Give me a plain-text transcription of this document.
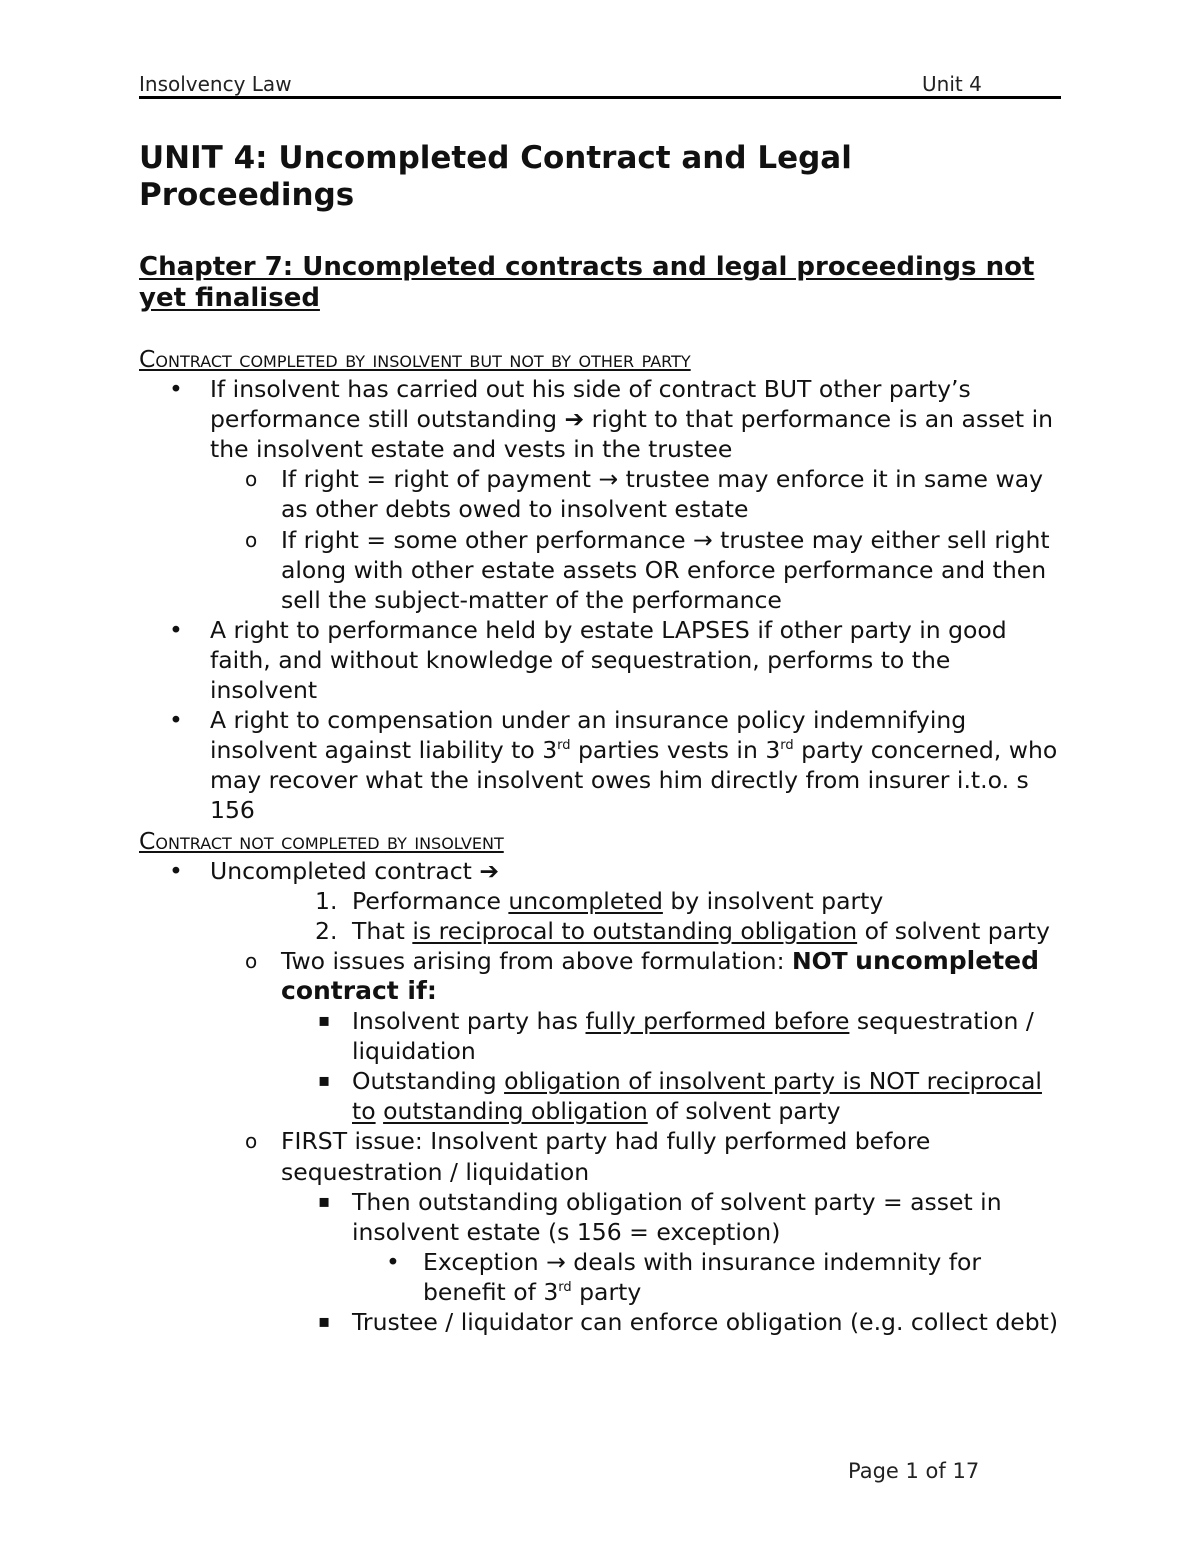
Insolvency Law	Unit 4
UNIT 4: Uncompleted Contract and Legal Proceedings
Chapter 7: Uncompleted contracts and legal proceedings not yet finalised
Contract completed by insolvent but not by other party
• If insolvent has carried out his side of contract BUT other party’s performance still outstanding ➔ right to that performance is an asset in the insolvent estate and vests in the trustee
o If right = right of payment → trustee may enforce it in same way as other debts owed to insolvent estate
o If right = some other performance → trustee may either sell right along with other estate assets OR enforce performance and then sell the subject-matter of the performance
• A right to performance held by estate LAPSES if other party in good faith, and without knowledge of sequestration, performs to the insolvent
• A right to compensation under an insurance policy indemnifying insolvent against liability to 3rd parties vests in 3rd party concerned, who may recover what the insolvent owes him directly from insurer i.t.o. s 156
Contract not completed by insolvent
• Uncompleted contract ➔
1. Performance uncompleted by insolvent party
2. That is reciprocal to outstanding obligation of solvent party
o Two issues arising from above formulation: NOT uncompleted contract if:
▪ Insolvent party has fully performed before sequestration / liquidation
▪ Outstanding obligation of insolvent party is NOT reciprocal to outstanding obligation of solvent party
o FIRST issue: Insolvent party had fully performed before sequestration / liquidation
▪ Then outstanding obligation of solvent party = asset in insolvent estate (s 156 = exception)
• Exception → deals with insurance indemnity for benefit of 3rd party
▪ Trustee / liquidator can enforce obligation (e.g. collect debt)
Page 1 of 17
